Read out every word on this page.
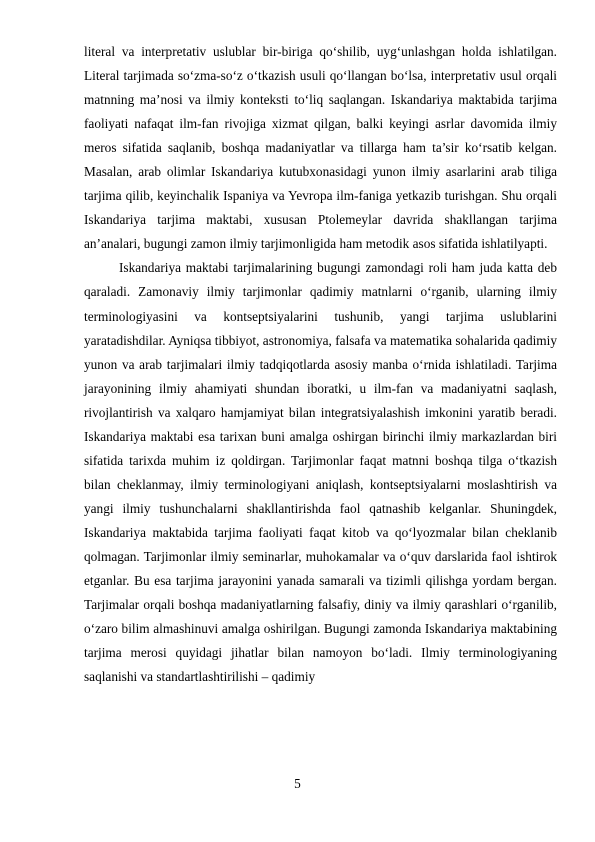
literal va interpretativ uslublar bir-biriga qo‘shilib, uyg‘unlashgan holda ishlatilgan. Literal tarjimada so‘zma-so‘z o‘tkazish usuli qo‘llangan bo‘lsa, interpretativ usul orqali matnning ma’nosi va ilmiy konteksti to‘liq saqlangan. Iskandariya maktabida tarjima faoliyati nafaqat ilm-fan rivojiga xizmat qilgan, balki keyingi asrlar davomida ilmiy meros sifatida saqlanib, boshqa madaniyatlar va tillarga ham ta’sir ko‘rsatib kelgan. Masalan, arab olimlar Iskandariya kutubxonasidagi yunon ilmiy asarlarini arab tiliga tarjima qilib, keyinchalik Ispaniya va Yevropa ilm-faniga yetkazib turishgan. Shu orqali Iskandariya tarjima maktabi, xususan Ptolemeylar davrida shakllangan tarjima an’analari, bugungi zamon ilmiy tarjimonligida ham metodik asos sifatida ishlatilyapti.

Iskandariya maktabi tarjimalarining bugungi zamondagi roli ham juda katta deb qaraladi. Zamonaviy ilmiy tarjimonlar qadimiy matnlarni o‘rganib, ularning ilmiy terminologiyasini va kontseptsiyalarini tushunib, yangi tarjima uslublarini yaratadishdilar. Ayniqsa tibbiyot, astronomiya, falsafa va matematika sohalarida qadimiy yunon va arab tarjimalari ilmiy tadqiqotlarda asosiy manba o‘rnida ishlatiladi. Tarjima jarayonining ilmiy ahamiyati shundan iboratki, u ilm-fan va madaniyatni saqlash, rivojlantirish va xalqaro hamjamiyat bilan integratsiyalashish imkonini yaratib beradi. Iskandariya maktabi esa tarixan buni amalga oshirgan birinchi ilmiy markazlardan biri sifatida tarixda muhim iz qoldirgan. Tarjimonlar faqat matnni boshqa tilga o‘tkazish bilan cheklanmay, ilmiy terminologiyani aniqlash, kontseptsiyalarni moslashtirish va yangi ilmiy tushunchalarni shakllantirishda faol qatnashib kelganlar. Shuningdek, Iskandariya maktabida tarjima faoliyati faqat kitob va qo‘lyozmalar bilan cheklanib qolmagan. Tarjimonlar ilmiy seminarlar, muhokamalar va o‘quv darslarida faol ishtirok etganlar. Bu esa tarjima jarayonini yanada samarali va tizimli qilishga yordam bergan. Tarjimalar orqali boshqa madaniyatlarning falsafiy, diniy va ilmiy qarashlari o‘rganilib, o‘zaro bilim almashinuvi amalga oshirilgan. Bugungi zamonda Iskandariya maktabining tarjima merosi quyidagi jihatlar bilan namoyon bo‘ladi. Ilmiy terminologiyaning saqlanishi va standartlashtirilishi – qadimiy

5
